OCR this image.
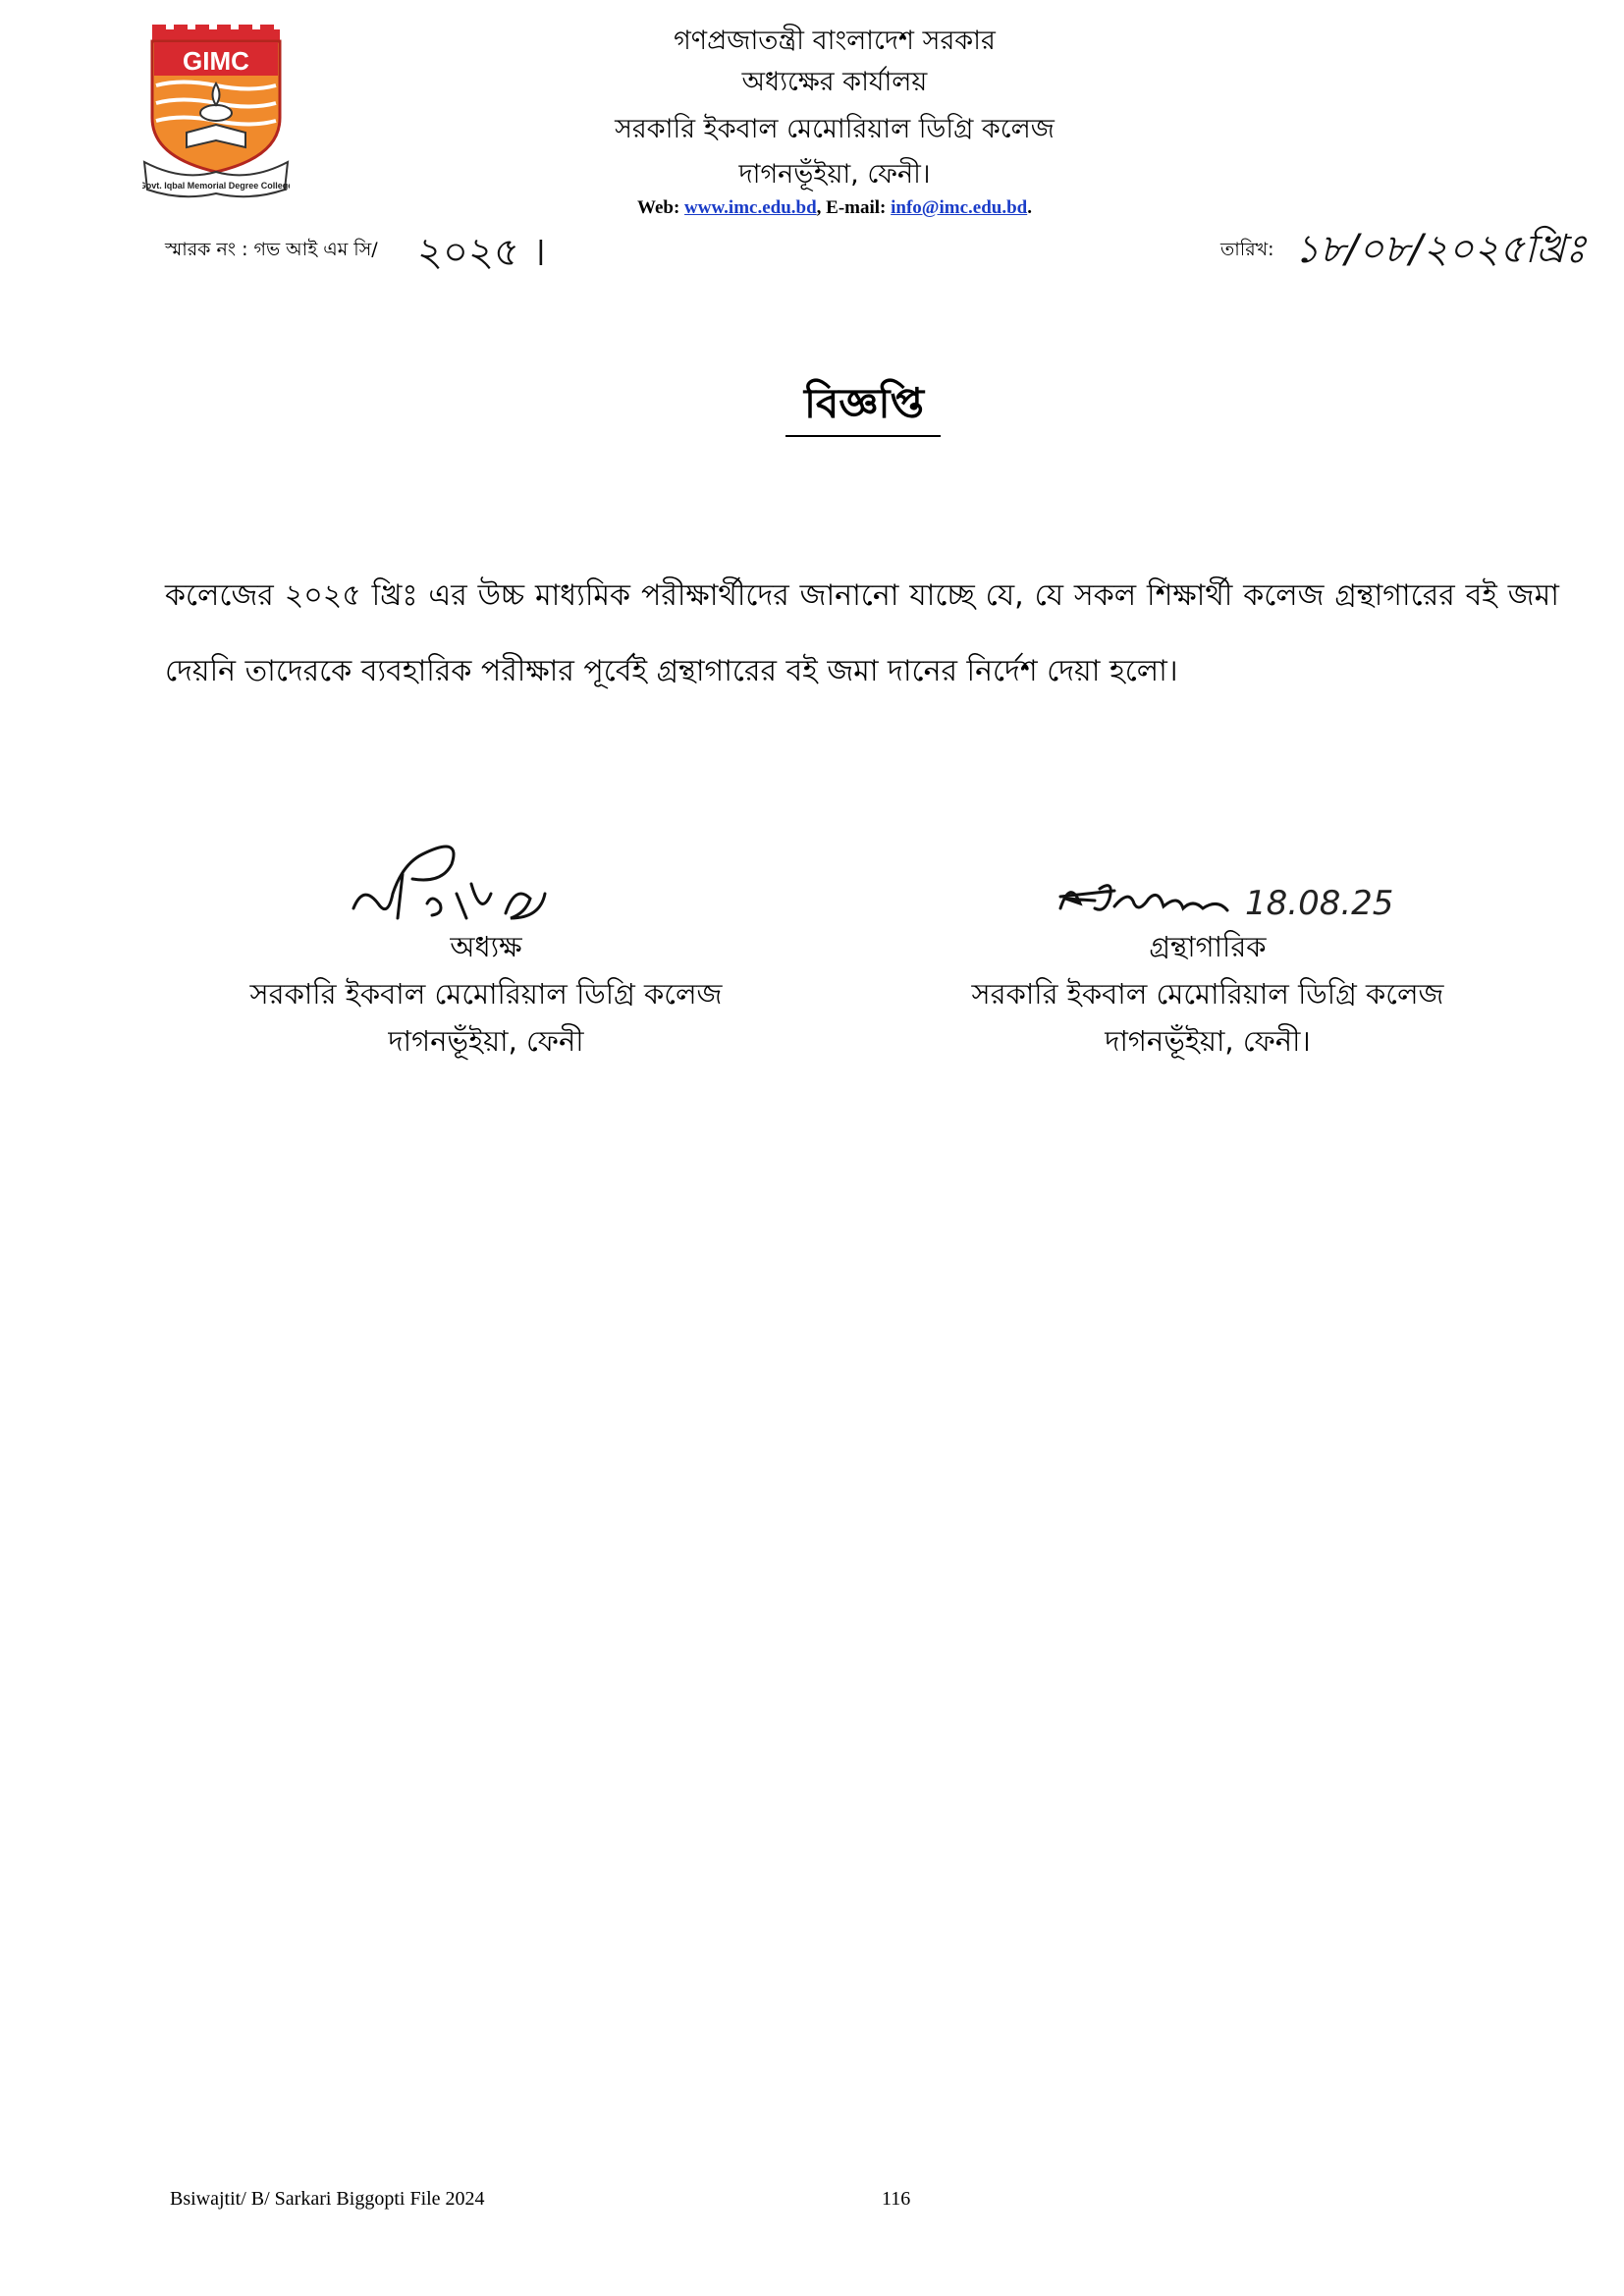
GIMC
Govt. Iqbal Memorial Degree College
গণপ্রজাতন্ত্রী বাংলাদেশ সরকার
অধ্যক্ষের কার্যালয়
সরকারি ইকবাল মেমোরিয়াল ডিগ্রি কলেজ
দাগনভূঁইয়া, ফেনী।
Web: www.imc.edu.bd, E-mail: info@imc.edu.bd.
স্মারক নং : গভ আই এম সি/ ২০২৫ ।	তারিখ: ১৮/০৮/২০২৫খ্রিঃ
বিজ্ঞপ্তি
কলেজের ২০২৫ খ্রিঃ এর উচ্চ মাধ্যমিক পরীক্ষার্থীদের জানানো যাচ্ছে যে, যে সকল শিক্ষার্থী কলেজ গ্রন্থাগারের বই জমা দেয়নি তাদেরকে ব্যবহারিক পরীক্ষার পূর্বেই গ্রন্থাগারের বই জমা দানের নির্দেশ দেয়া হলো।
অধ্যক্ষ
সরকারি ইকবাল মেমোরিয়াল ডিগ্রি কলেজ
দাগনভূঁইয়া, ফেনী
18.08.25
গ্রন্থাগারিক
সরকারি ইকবাল মেমোরিয়াল ডিগ্রি কলেজ
দাগনভূঁইয়া, ফেনী।
Bsiwajtit/ B/ Sarkari Biggopti File 2024	116
